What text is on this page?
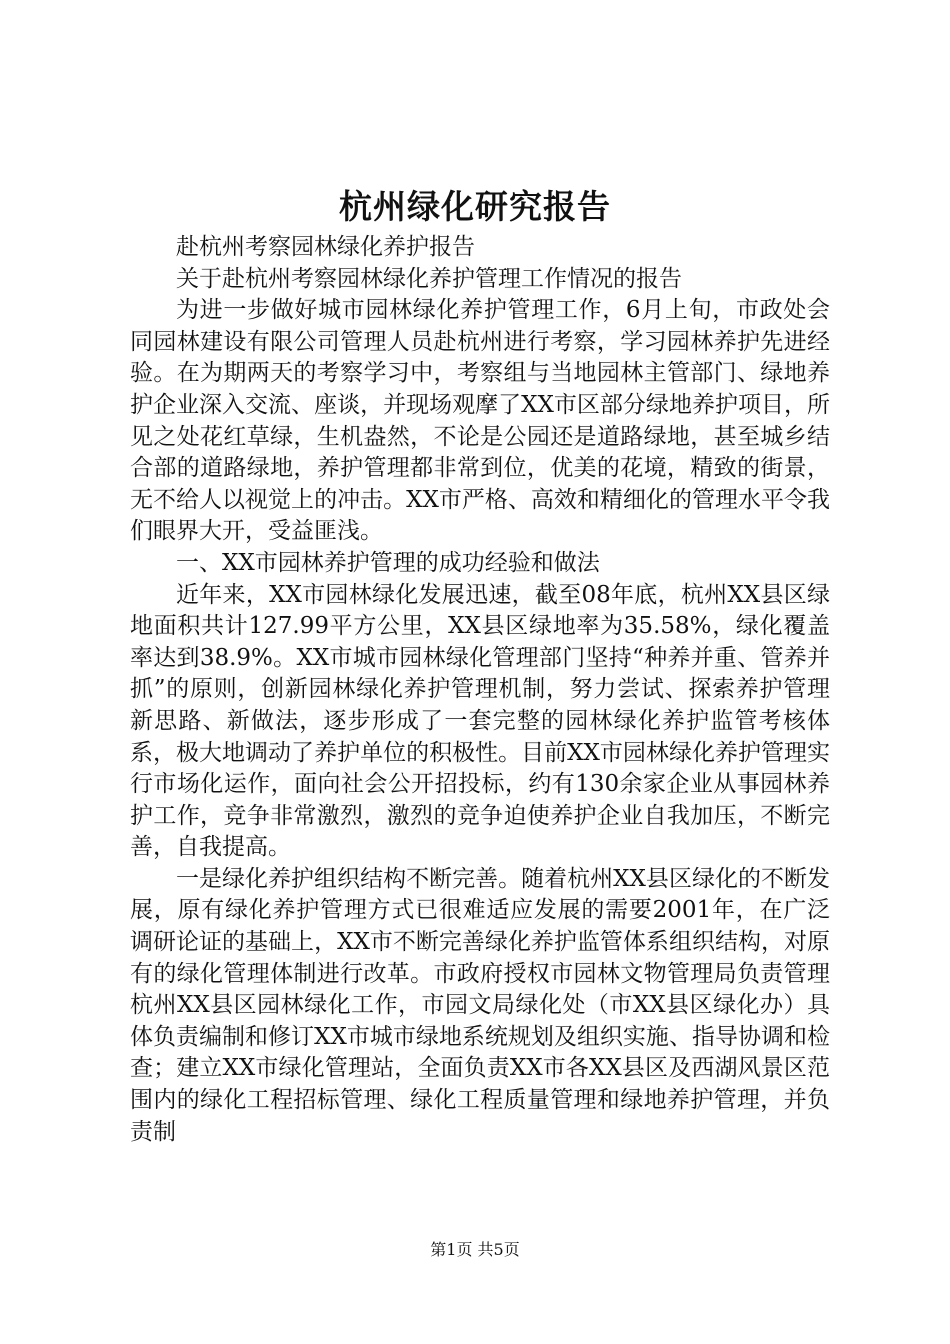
杭州绿化研究报告

赴杭州考察园林绿化养护报告

关于赴杭州考察园林绿化养护管理工作情况的报告

为进一步做好城市园林绿化养护管理工作，6月上旬，市政处会同园林建设有限公司管理人员赴杭州进行考察，学习园林养护先进经验。在为期两天的考察学习中，考察组与当地园林主管部门、绿地养护企业深入交流、座谈，并现场观摩了XX市区部分绿地养护项目，所见之处花红草绿，生机盎然，不论是公园还是道路绿地，甚至城乡结合部的道路绿地，养护管理都非常到位，优美的花境，精致的街景，无不给人以视觉上的冲击。XX市严格、高效和精细化的管理水平令我们眼界大开，受益匪浅。

一、XX市园林养护管理的成功经验和做法

近年来，XX市园林绿化发展迅速，截至08年底，杭州XX县区绿地面积共计127.99平方公里，XX县区绿地率为35.58%，绿化覆盖率达到38.9%。XX市城市园林绿化管理部门坚持“种养并重、管养并抓”的原则，创新园林绿化养护管理机制，努力尝试、探索养护管理新思路、新做法，逐步形成了一套完整的园林绿化养护监管考核体系，极大地调动了养护单位的积极性。目前XX市园林绿化养护管理实行市场化运作，面向社会公开招投标，约有130余家企业从事园林养护工作，竞争非常激烈，激烈的竞争迫使养护企业自我加压，不断完善，自我提高。

一是绿化养护组织结构不断完善。随着杭州XX县区绿化的不断发展，原有绿化养护管理方式已很难适应发展的需要2001年，在广泛调研论证的基础上，XX市不断完善绿化养护监管体系组织结构，对原有的绿化管理体制进行改革。市政府授权市园林文物管理局负责管理杭州XX县区园林绿化工作，市园文局绿化处（市XX县区绿化办）具体负责编制和修订XX市城市绿地系统规划及组织实施、指导协调和检查；建立XX市绿化管理站，全面负责XX市各XX县区及西湖风景区范围内的绿化工程招标管理、绿化工程质量管理和绿地养护管理，并负责制

第1页 共5页
